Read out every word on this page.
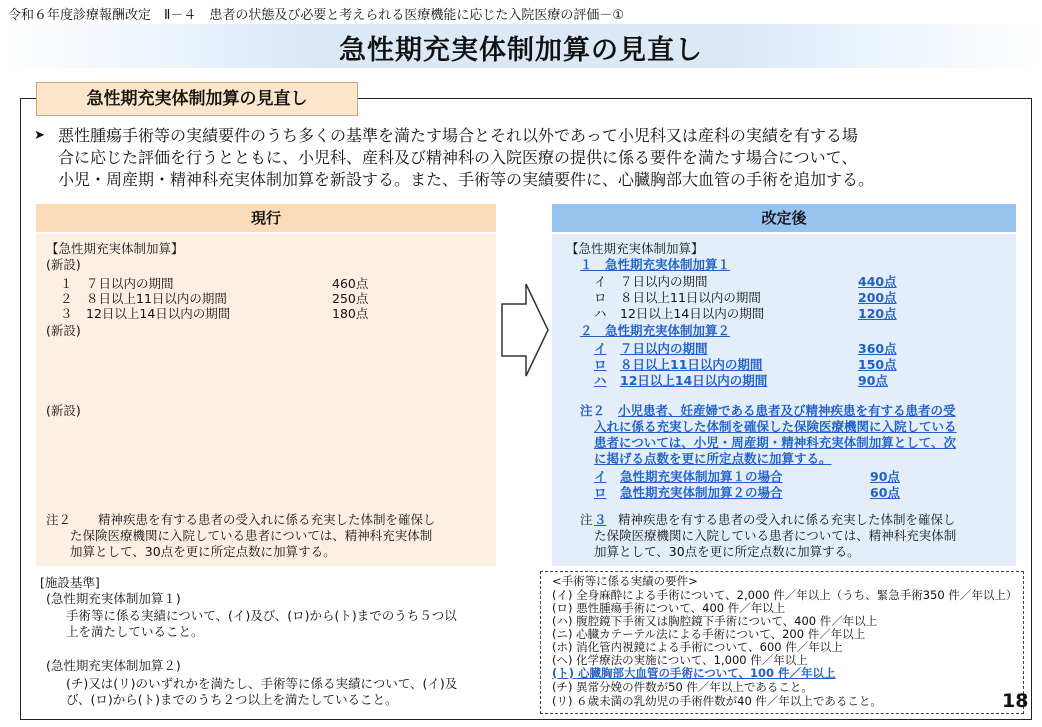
令和６年度診療報酬改定　Ⅱ－４　患者の状態及び必要と考えられる医療機能に応じた入院医療の評価－①
急性期充実体制加算の見直し
急性期充実体制加算の見直し
➤ 悪性腫瘍手術等の実績要件のうち多くの基準を満たす場合とそれ以外であって小児科又は産科の実績を有する場
合に応じた評価を行うとともに、小児科、産科及び精神科の入院医療の提供に係る要件を満たす場合について、
小児・周産期・精神科充実体制加算を新設する。また、手術等の実績要件に、心臓胸部大血管の手術を追加する。
現行	改定後
【急性期充実体制加算】
(新設)
１ ７日以内の期間	460点
２ ８日以上11日以内の期間	250点
３ 12日以上14日以内の期間	180点
(新設)
(新設)
注２ 精神疾患を有する患者の受入れに係る充実した体制を確保し
た保険医療機関に入院している患者については、精神科充実体制
加算として、30点を更に所定点数に加算する。
【急性期充実体制加算】
１　急性期充実体制加算１
イ ７日以内の期間	440点
ロ ８日以上11日以内の期間	200点
ハ 12日以上14日以内の期間	120点
２　急性期充実体制加算２
イ ７日以内の期間	360点
ロ ８日以上11日以内の期間	150点
ハ 12日以上14日以内の期間	90点
注２ 小児患者、妊産婦である患者及び精神疾患を有する患者の受
入れに係る充実した体制を確保した保険医療機関に入院している
患者については、小児・周産期・精神科充実体制加算として、次
に掲げる点数を更に所定点数に加算する。
イ 急性期充実体制加算１の場合	90点
ロ 急性期充実体制加算２の場合	60点
注 ３ 精神疾患を有する患者の受入れに係る充実した体制を確保し
た保険医療機関に入院している患者については、精神科充実体制
加算として、30点を更に所定点数に加算する。
[施設基準]
(急性期充実体制加算１)
手術等に係る実績について、(イ)及び、(ロ)から(ト)までのうち５つ以
上を満たしていること。
(急性期充実体制加算２)
(チ)又は(リ)のいずれかを満たし、手術等に係る実績について、(イ)及
び、(ロ)から(ト)までのうち２つ以上を満たしていること。
<手術等に係る実績の要件>
(イ) 全身麻酔による手術について、2,000 件／年以上（うち、緊急手術350 件／年以上）
(ロ) 悪性腫瘍手術について、400 件／年以上
(ハ) 腹腔鏡下手術又は胸腔鏡下手術について、400 件／年以上
(ニ) 心臓カテーテル法による手術について、200 件／年以上
(ホ) 消化管内視鏡による手術について、600 件／年以上
(ヘ) 化学療法の実施について、1,000 件／年以上
(ト) 心臓胸部大血管の手術について、100 件／年以上
(チ) 異常分娩の件数が50 件／年以上であること。
(リ) ６歳未満の乳幼児の手術件数が40 件／年以上であること。	18
